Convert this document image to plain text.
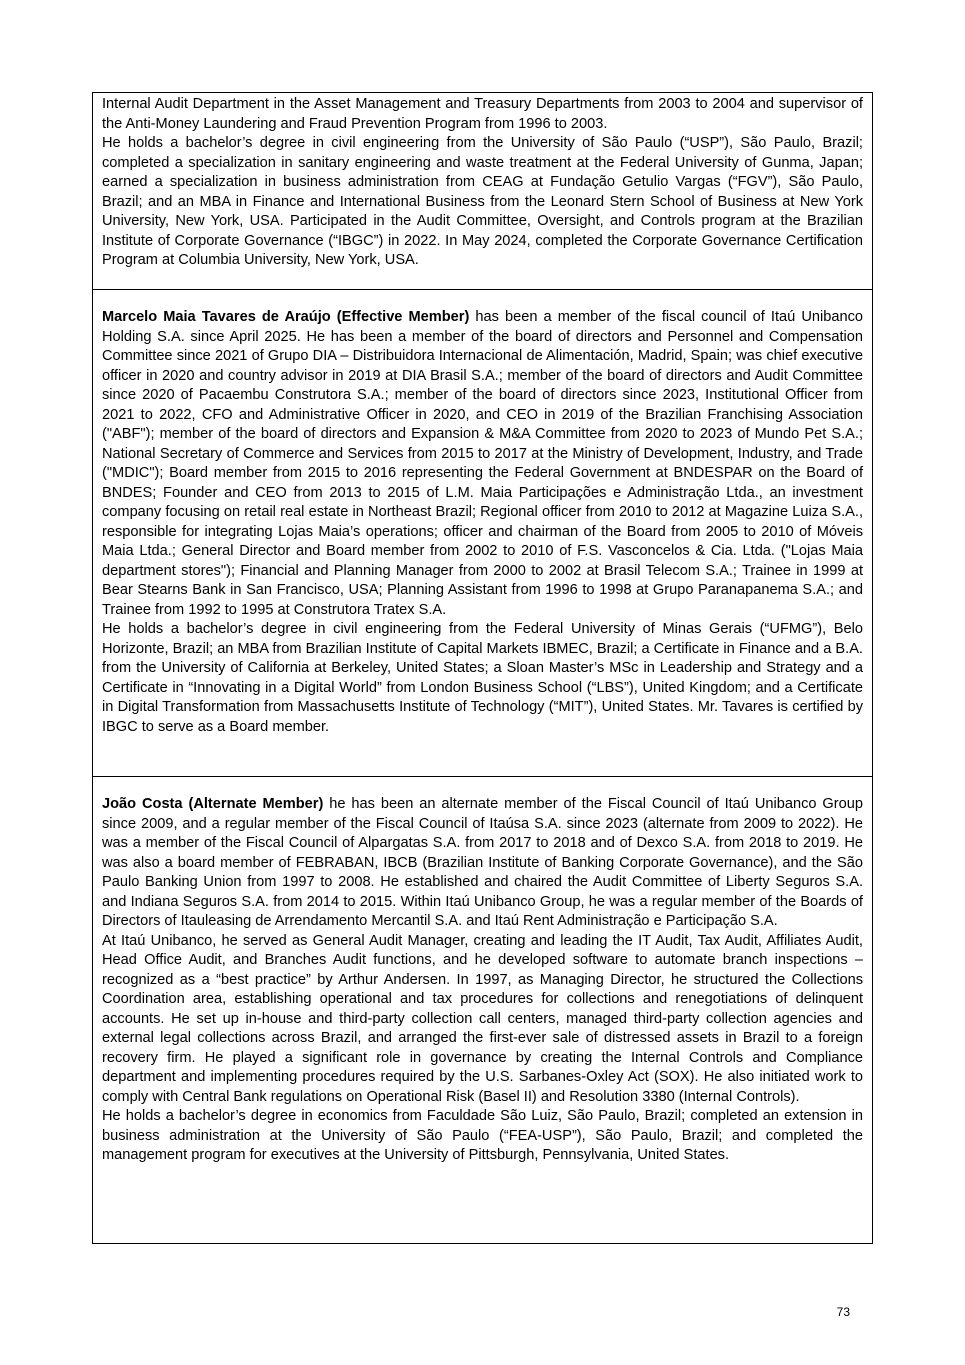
Internal Audit Department in the Asset Management and Treasury Departments from 2003 to 2004 and supervisor of the Anti-Money Laundering and Fraud Prevention Program from 1996 to 2003.

He holds a bachelor’s degree in civil engineering from the University of São Paulo (“USP”), São Paulo, Brazil; completed a specialization in sanitary engineering and waste treatment at the Federal University of Gunma, Japan; earned a specialization in business administration from CEAG at Fundação Getulio Vargas (“FGV”), São Paulo, Brazil; and an MBA in Finance and International Business from the Leonard Stern School of Business at New York University, New York, USA. Participated in the Audit Committee, Oversight, and Controls program at the Brazilian Institute of Corporate Governance (“IBGC”) in 2022. In May 2024, completed the Corporate Governance Certification Program at Columbia University, New York, USA.

Marcelo Maia Tavares de Araújo (Effective Member) has been a member of the fiscal council of Itaú Unibanco Holding S.A. since April 2025. He has been a member of the board of directors and Personnel and Compensation Committee since 2021 of Grupo DIA – Distribuidora Internacional de Alimentación, Madrid, Spain; was chief executive officer in 2020 and country advisor in 2019 at DIA Brasil S.A.; member of the board of directors and Audit Committee since 2020 of Pacaembu Construtora S.A.; member of the board of directors since 2023, Institutional Officer from 2021 to 2022, CFO and Administrative Officer in 2020, and CEO in 2019 of the Brazilian Franchising Association ("ABF"); member of the board of directors and Expansion & M&A Committee from 2020 to 2023 of Mundo Pet S.A.; National Secretary of Commerce and Services from 2015 to 2017 at the Ministry of Development, Industry, and Trade ("MDIC"); Board member from 2015 to 2016 representing the Federal Government at BNDESPAR on the Board of BNDES; Founder and CEO from 2013 to 2015 of L.M. Maia Participações e Administração Ltda., an investment company focusing on retail real estate in Northeast Brazil; Regional officer from 2010 to 2012 at Magazine Luiza S.A., responsible for integrating Lojas Maia’s operations; officer and chairman of the Board from 2005 to 2010 of Móveis Maia Ltda.; General Director and Board member from 2002 to 2010 of F.S. Vasconcelos & Cia. Ltda. ("Lojas Maia department stores"); Financial and Planning Manager from 2000 to 2002 at Brasil Telecom S.A.; Trainee in 1999 at Bear Stearns Bank in San Francisco, USA; Planning Assistant from 1996 to 1998 at Grupo Paranapanema S.A.; and Trainee from 1992 to 1995 at Construtora Tratex S.A.

He holds a bachelor’s degree in civil engineering from the Federal University of Minas Gerais (“UFMG”), Belo Horizonte, Brazil; an MBA from Brazilian Institute of Capital Markets IBMEC, Brazil; a Certificate in Finance and a B.A. from the University of California at Berkeley, United States; a Sloan Master’s MSc in Leadership and Strategy and a Certificate in “Innovating in a Digital World” from London Business School (“LBS”), United Kingdom; and a Certificate in Digital Transformation from Massachusetts Institute of Technology (“MIT”), United States. Mr. Tavares is certified by IBGC to serve as a Board member.

João Costa (Alternate Member) he has been an alternate member of the Fiscal Council of Itaú Unibanco Group since 2009, and a regular member of the Fiscal Council of Itaúsa S.A. since 2023 (alternate from 2009 to 2022). He was a member of the Fiscal Council of Alpargatas S.A. from 2017 to 2018 and of Dexco S.A. from 2018 to 2019. He was also a board member of FEBRABAN, IBCB (Brazilian Institute of Banking Corporate Governance), and the São Paulo Banking Union from 1997 to 2008. He established and chaired the Audit Committee of Liberty Seguros S.A. and Indiana Seguros S.A. from 2014 to 2015. Within Itaú Unibanco Group, he was a regular member of the Boards of Directors of Itauleasing de Arrendamento Mercantil S.A. and Itaú Rent Administração e Participação S.A.

At Itaú Unibanco, he served as General Audit Manager, creating and leading the IT Audit, Tax Audit, Affiliates Audit, Head Office Audit, and Branches Audit functions, and he developed software to automate branch inspections – recognized as a “best practice” by Arthur Andersen. In 1997, as Managing Director, he structured the Collections Coordination area, establishing operational and tax procedures for collections and renegotiations of delinquent accounts. He set up in-house and third-party collection call centers, managed third-party collection agencies and external legal collections across Brazil, and arranged the first-ever sale of distressed assets in Brazil to a foreign recovery firm. He played a significant role in governance by creating the Internal Controls and Compliance department and implementing procedures required by the U.S. Sarbanes-Oxley Act (SOX). He also initiated work to comply with Central Bank regulations on Operational Risk (Basel II) and Resolution 3380 (Internal Controls).

He holds a bachelor’s degree in economics from Faculdade São Luiz, São Paulo, Brazil; completed an extension in business administration at the University of São Paulo (“FEA-USP”), São Paulo, Brazil; and completed the management program for executives at the University of Pittsburgh, Pennsylvania, United States.

73
